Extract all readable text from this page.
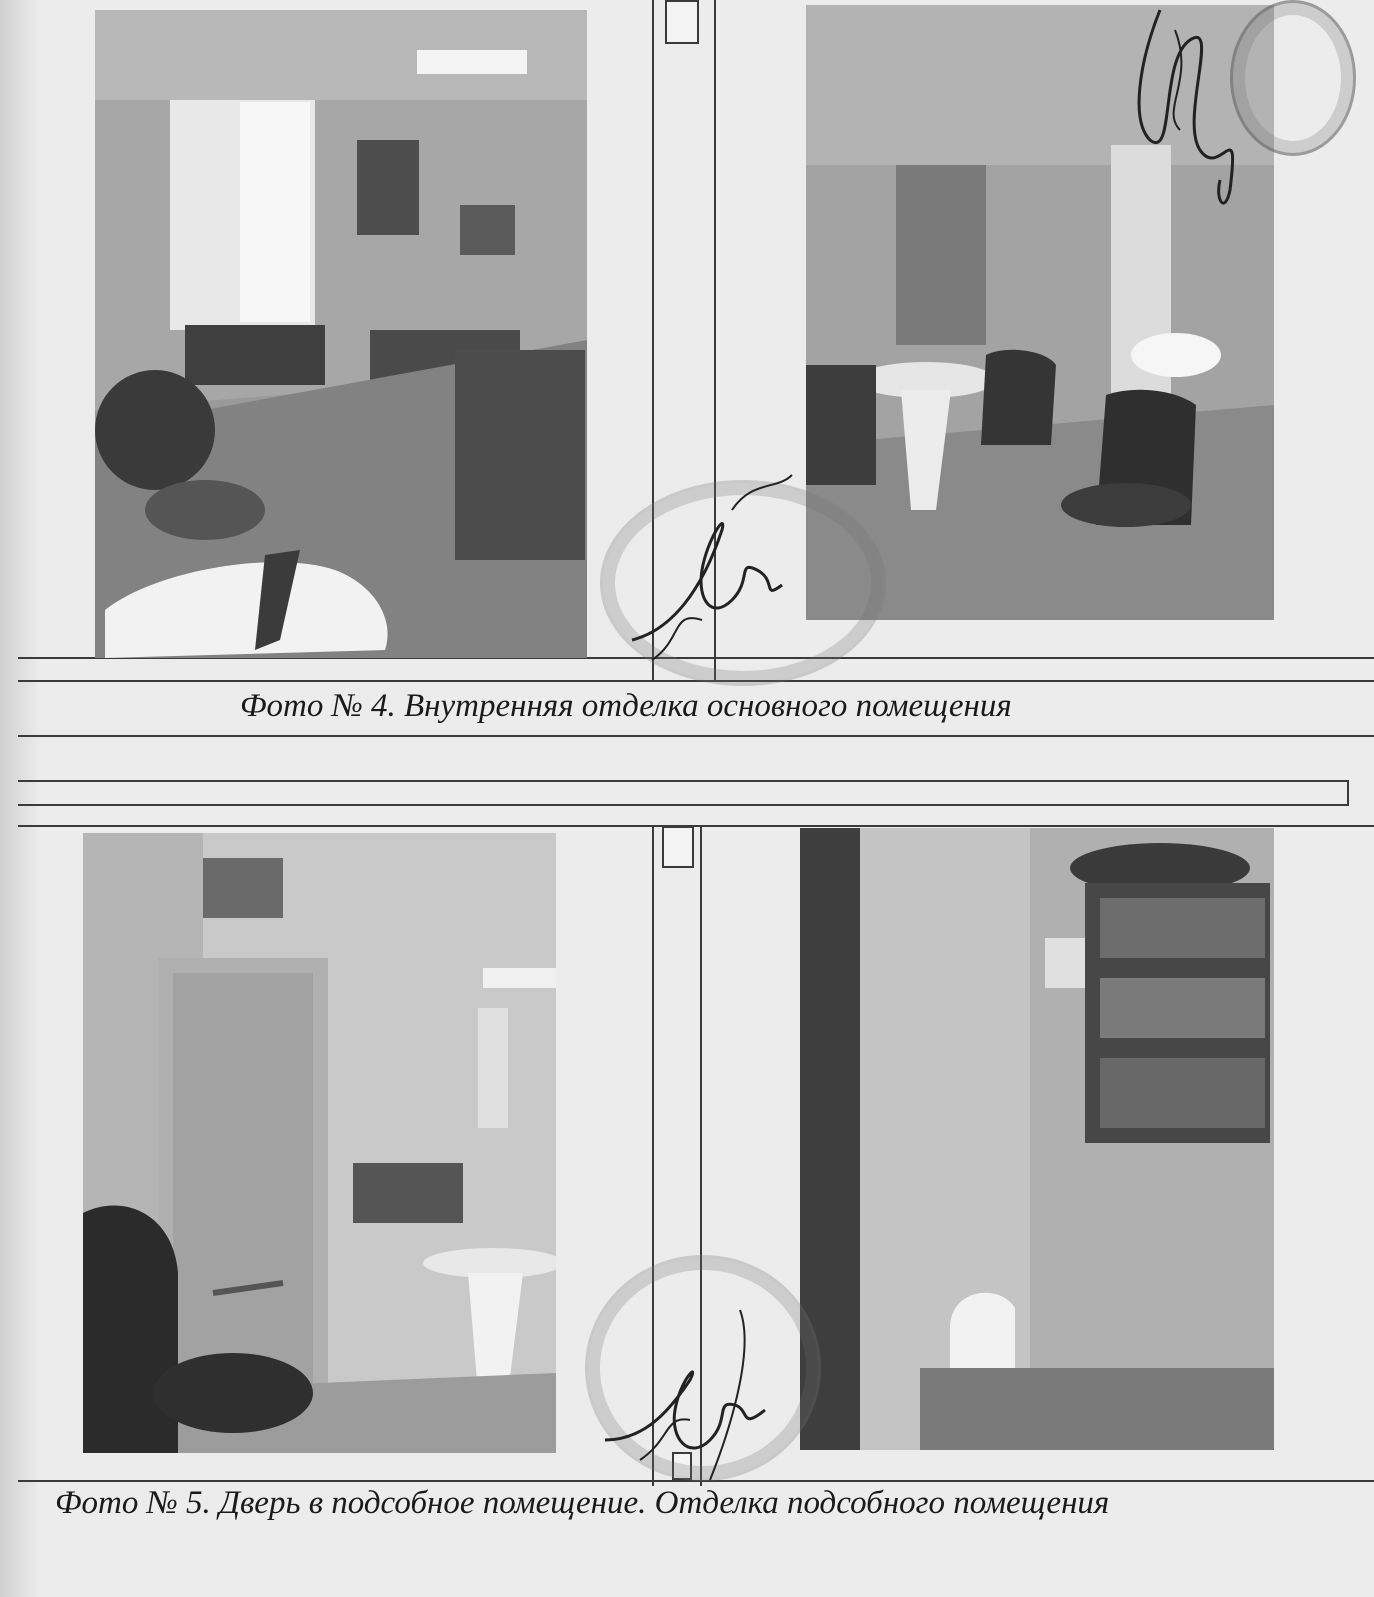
Фото № 4. Внутренняя отделка основного помещения
Фото № 5. Дверь в подсобное помещение. Отделка подсобного помещения
